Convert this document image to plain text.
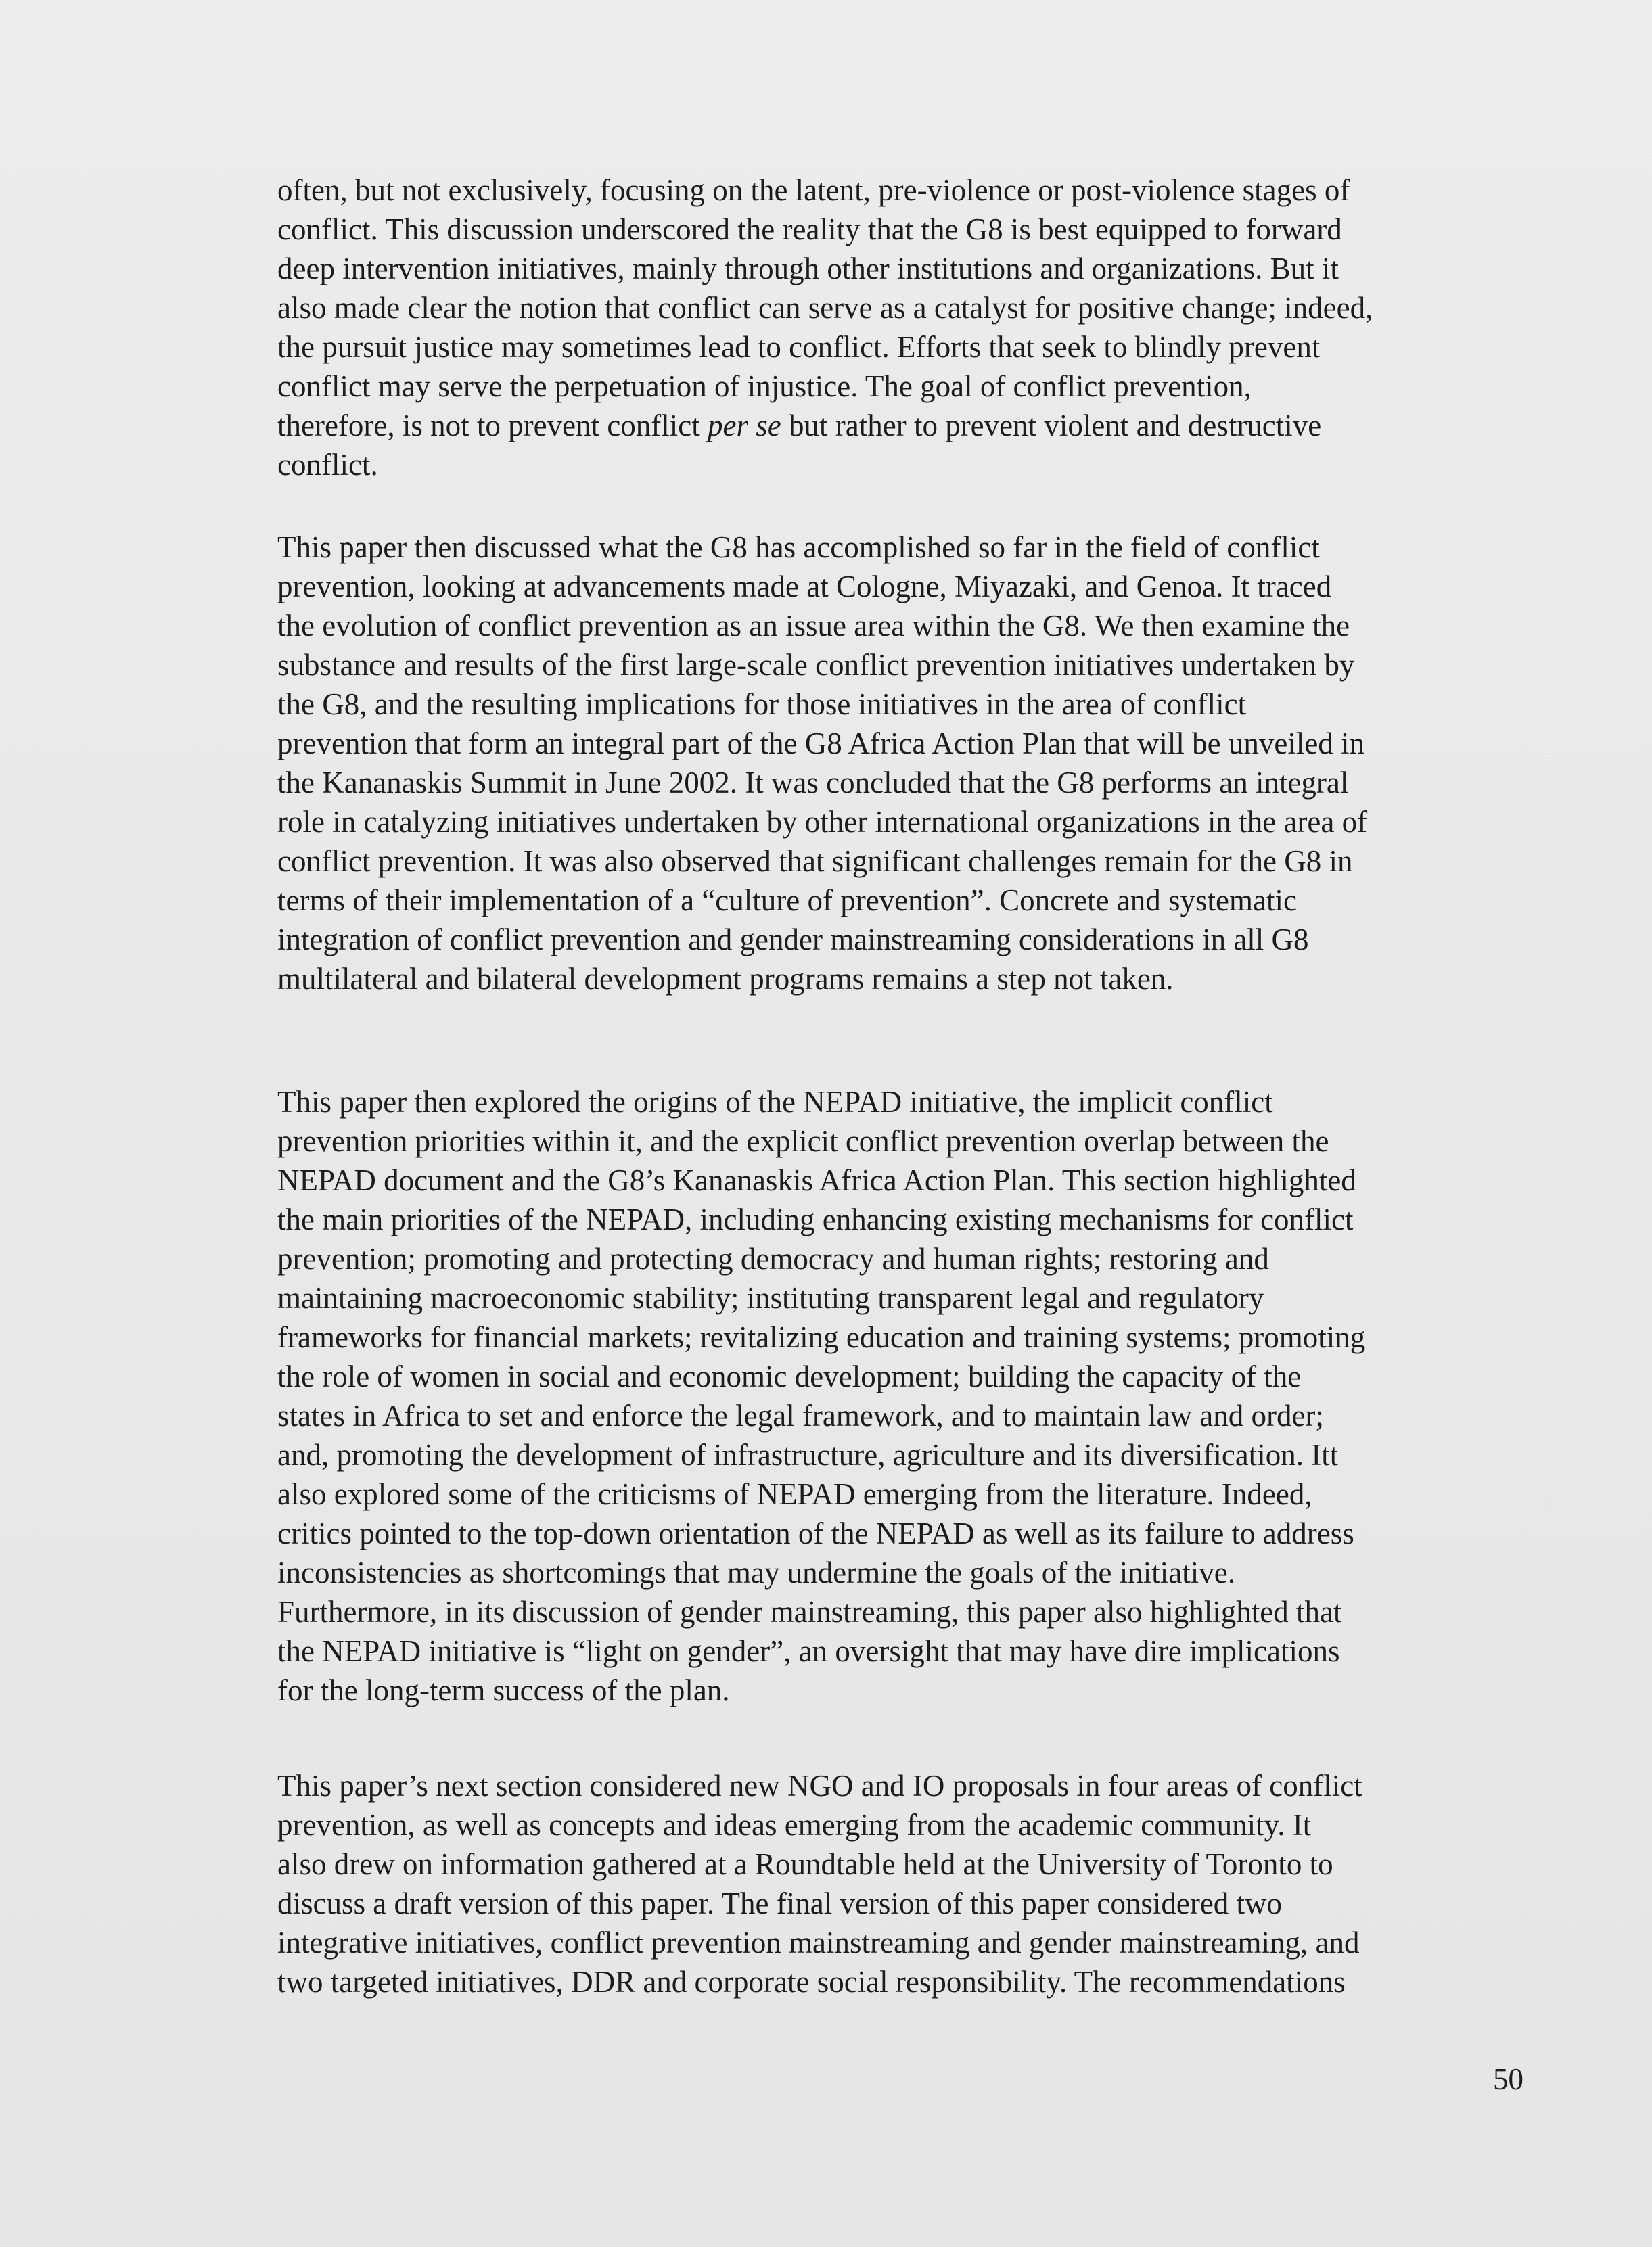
often, but not exclusively, focusing on the latent, pre-violence or post-violence stages of
conflict. This discussion underscored the reality that the G8 is best equipped to forward
deep intervention initiatives, mainly through other institutions and organizations. But it
also made clear the notion that conflict can serve as a catalyst for positive change; indeed,
the pursuit justice may sometimes lead to conflict. Efforts that seek to blindly prevent
conflict may serve the perpetuation of injustice. The goal of conflict prevention,
therefore, is not to prevent conflict per se but rather to prevent violent and destructive
conflict.

This paper then discussed what the G8 has accomplished so far in the field of conflict
prevention, looking at advancements made at Cologne, Miyazaki, and Genoa. It traced
the evolution of conflict prevention as an issue area within the G8. We then examine the
substance and results of the first large-scale conflict prevention initiatives undertaken by
the G8, and the resulting implications for those initiatives in the area of conflict
prevention that form an integral part of the G8 Africa Action Plan that will be unveiled in
the Kananaskis Summit in June 2002. It was concluded that the G8 performs an integral
role in catalyzing initiatives undertaken by other international organizations in the area of
conflict prevention. It was also observed that significant challenges remain for the G8 in
terms of their implementation of a “culture of prevention”. Concrete and systematic
integration of conflict prevention and gender mainstreaming considerations in all G8
multilateral and bilateral development programs remains a step not taken.

This paper then explored the origins of the NEPAD initiative, the implicit conflict
prevention priorities within it, and the explicit conflict prevention overlap between the
NEPAD document and the G8’s Kananaskis Africa Action Plan. This section highlighted
the main priorities of the NEPAD, including enhancing existing mechanisms for conflict
prevention; promoting and protecting democracy and human rights; restoring and
maintaining macroeconomic stability; instituting transparent legal and regulatory
frameworks for financial markets; revitalizing education and training systems; promoting
the role of women in social and economic development; building the capacity of the
states in Africa to set and enforce the legal framework, and to maintain law and order;
and, promoting the development of infrastructure, agriculture and its diversification. Itt
also explored some of the criticisms of NEPAD emerging from the literature. Indeed,
critics pointed to the top-down orientation of the NEPAD as well as its failure to address
inconsistencies as shortcomings that may undermine the goals of the initiative.
Furthermore, in its discussion of gender mainstreaming, this paper also highlighted that
the NEPAD initiative is “light on gender”, an oversight that may have dire implications
for the long-term success of the plan.

This paper’s next section considered new NGO and IO proposals in four areas of conflict
prevention, as well as concepts and ideas emerging from the academic community. It
also drew on information gathered at a Roundtable held at the University of Toronto to
discuss a draft version of this paper. The final version of this paper considered two
integrative initiatives, conflict prevention mainstreaming and gender mainstreaming, and
two targeted initiatives, DDR and corporate social responsibility. The recommendations

50
